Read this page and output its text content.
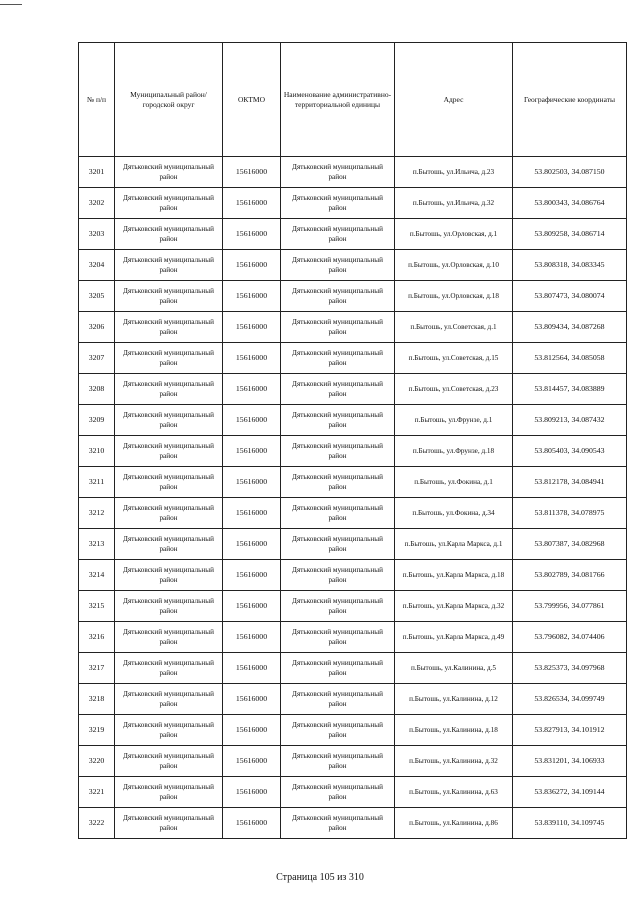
№ п/п	Муниципальный район/городской округ	ОКТМО	Наименование административно-территориальной единицы	Адрес	Географические координаты
3201	Дятьковский муниципальный район	15616000	Дятьковский муниципальный район	п.Бытошь, ул.Ильича, д.23	53.802503, 34.087150
3202	Дятьковский муниципальный район	15616000	Дятьковский муниципальный район	п.Бытошь, ул.Ильича, д.32	53.800343, 34.086764
3203	Дятьковский муниципальный район	15616000	Дятьковский муниципальный район	п.Бытошь, ул.Орловская, д.1	53.809258, 34.086714
3204	Дятьковский муниципальный район	15616000	Дятьковский муниципальный район	п.Бытошь, ул.Орловская, д.10	53.808318, 34.083345
3205	Дятьковский муниципальный район	15616000	Дятьковский муниципальный район	п.Бытошь, ул.Орловская, д.18	53.807473, 34.080074
3206	Дятьковский муниципальный район	15616000	Дятьковский муниципальный район	п.Бытошь, ул.Советская, д.1	53.809434, 34.087268
3207	Дятьковский муниципальный район	15616000	Дятьковский муниципальный район	п.Бытошь, ул.Советская, д.15	53.812564, 34.085058
3208	Дятьковский муниципальный район	15616000	Дятьковский муниципальный район	п.Бытошь, ул.Советская, д.23	53.814457, 34.083889
3209	Дятьковский муниципальный район	15616000	Дятьковский муниципальный район	п.Бытошь, ул.Фрунзе, д.1	53.809213, 34.087432
3210	Дятьковский муниципальный район	15616000	Дятьковский муниципальный район	п.Бытошь, ул.Фрунзе, д.18	53.805403, 34.090543
3211	Дятьковский муниципальный район	15616000	Дятьковский муниципальный район	п.Бытошь, ул.Фокина, д.1	53.812178, 34.084941
3212	Дятьковский муниципальный район	15616000	Дятьковский муниципальный район	п.Бытошь, ул.Фокина, д.34	53.811378, 34.078975
3213	Дятьковский муниципальный район	15616000	Дятьковский муниципальный район	п.Бытошь, ул.Карла Маркса, д.1	53.807387, 34.082968
3214	Дятьковский муниципальный район	15616000	Дятьковский муниципальный район	п.Бытошь, ул.Карла Маркса, д.18	53.802789, 34.081766
3215	Дятьковский муниципальный район	15616000	Дятьковский муниципальный район	п.Бытошь, ул.Карла Маркса, д.32	53.799956, 34.077861
3216	Дятьковский муниципальный район	15616000	Дятьковский муниципальный район	п.Бытошь, ул.Карла Маркса, д.49	53.796082, 34.074406
3217	Дятьковский муниципальный район	15616000	Дятьковский муниципальный район	п.Бытошь, ул.Калинина, д.5	53.825373, 34.097968
3218	Дятьковский муниципальный район	15616000	Дятьковский муниципальный район	п.Бытошь, ул.Калинина, д.12	53.826534, 34.099749
3219	Дятьковский муниципальный район	15616000	Дятьковский муниципальный район	п.Бытошь, ул.Калинина, д.18	53.827913, 34.101912
3220	Дятьковский муниципальный район	15616000	Дятьковский муниципальный район	п.Бытошь, ул.Калинина, д.32	53.831201, 34.106933
3221	Дятьковский муниципальный район	15616000	Дятьковский муниципальный район	п.Бытошь, ул.Калинина, д.63	53.836272, 34.109144
3222	Дятьковский муниципальный район	15616000	Дятьковский муниципальный район	п.Бытошь, ул.Калинина, д.86	53.839110, 34.109745
Страница 105 из 310
